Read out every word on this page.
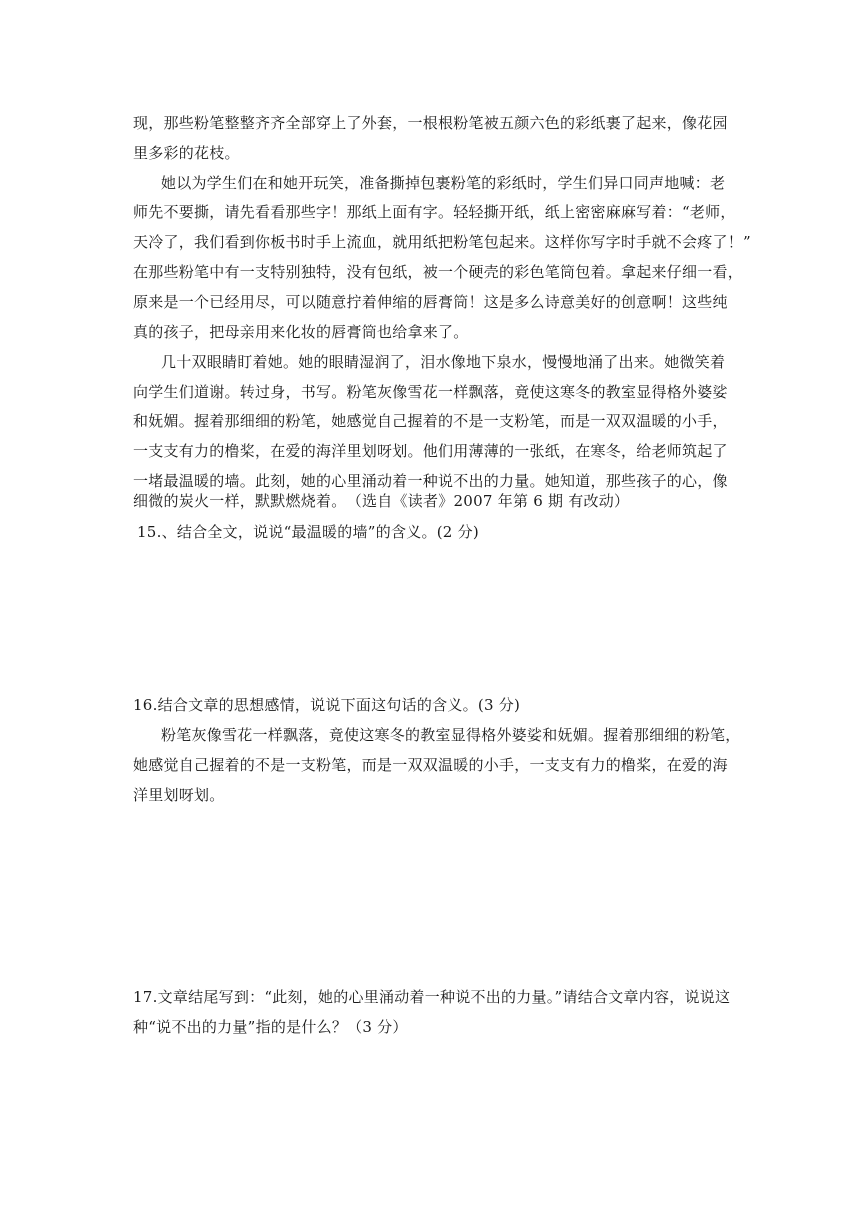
现，那些粉笔整整齐齐全部穿上了外套，一根根粉笔被五颜六色的彩纸裹了起来，像花园
里多彩的花枝。
她以为学生们在和她开玩笑，准备撕掉包裹粉笔的彩纸时，学生们异口同声地喊：老
师先不要撕，请先看看那些字！那纸上面有字。轻轻撕开纸，纸上密密麻麻写着：“老师，
天冷了，我们看到你板书时手上流血，就用纸把粉笔包起来。这样你写字时手就不会疼了！”
在那些粉笔中有一支特别独特，没有包纸，被一个硬壳的彩色笔筒包着。拿起来仔细一看，
原来是一个已经用尽，可以随意拧着伸缩的唇膏筒！这是多么诗意美好的创意啊！这些纯
真的孩子，把母亲用来化妆的唇膏筒也给拿来了。
几十双眼睛盯着她。她的眼睛湿润了，泪水像地下泉水，慢慢地涌了出来。她微笑着
向学生们道谢。转过身，书写。粉笔灰像雪花一样飘落，竟使这寒冬的教室显得格外婆娑
和妩媚。握着那细细的粉笔，她感觉自己握着的不是一支粉笔，而是一双双温暖的小手，
一支支有力的橹桨，在爱的海洋里划呀划。他们用薄薄的一张纸，在寒冬，给老师筑起了
一堵最温暖的墙。此刻，她的心里涌动着一种说不出的力量。她知道，那些孩子的心，像
细微的炭火一样，默默燃烧着。　（选自《读者》2007 年第 6 期 有改动）
15.、结合全文，说说“最温暖的墙”的含义。(2 分)
16.结合文章的思想感情，说说下面这句话的含义。(3 分)
粉笔灰像雪花一样飘落，竟使这寒冬的教室显得格外婆娑和妩媚。握着那细细的粉笔，
她感觉自己握着的不是一支粉笔，而是一双双温暖的小手，一支支有力的橹桨，在爱的海
洋里划呀划。
17.文章结尾写到：“此刻，她的心里涌动着一种说不出的力量。”请结合文章内容，说说这
种“说不出的力量”指的是什么？（3 分）
